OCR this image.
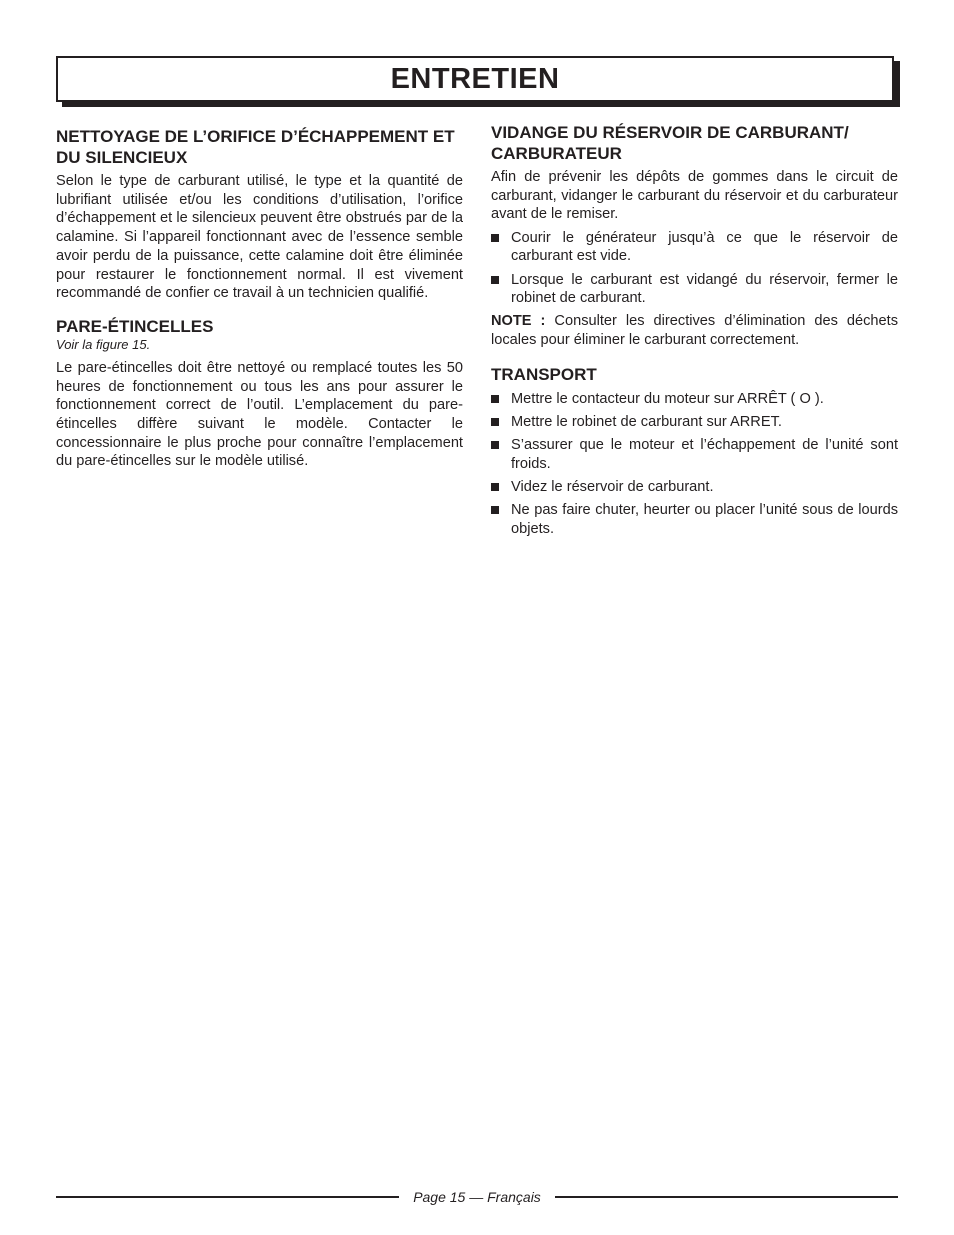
ENTRETIEN
NETTOYAGE DE L’ORIFICE D’ÉCHAPPEMENT ET DU SILENCIEUX

Selon le type de carburant utilisé, le type et la quantité de lubrifiant utilisée et/ou les conditions d’utilisation, l’orifice d’échappement et le silencieux peuvent être obstrués par de la calamine. Si l’appareil fonctionnant avec de l’essence semble avoir perdu de la puissance, cette calamine doit être éliminée pour restaurer le fonctionnement normal. Il est vivement recommandé de confier ce travail à un technicien qualifié.

PARE-ÉTINCELLES
Voir la figure 15.

Le pare-étincelles doit être nettoyé ou remplacé toutes les 50 heures de fonctionnement ou tous les ans pour assurer le fonctionnement correct de l’outil. L’emplacement du pare-étincelles diffère suivant le modèle. Contacter le concessionnaire le plus proche pour connaître l’emplacement du pare-étincelles sur le modèle utilisé.

VIDANGE DU RÉSERVOIR DE CARBURANT/ CARBURATEUR

Afin de prévenir les dépôts de gommes dans le circuit de carburant, vidanger le carburant du réservoir et du carburateur avant de le remiser.

Courir le générateur jusqu’à ce que le réservoir de carburant est vide.
Lorsque le carburant est vidangé du réservoir, fermer le robinet de carburant.

NOTE : Consulter les directives d’élimination des déchets locales pour éliminer le carburant correctement.

TRANSPORT
Mettre le contacteur du moteur sur ARRÊT ( O ).
Mettre le robinet de carburant sur ARRET.
S’assurer que le moteur et l’échappement de l’unité sont froids.
Videz le réservoir de carburant.
Ne pas faire chuter, heurter ou placer l’unité sous de lourds objets.
Page 15 — Français
